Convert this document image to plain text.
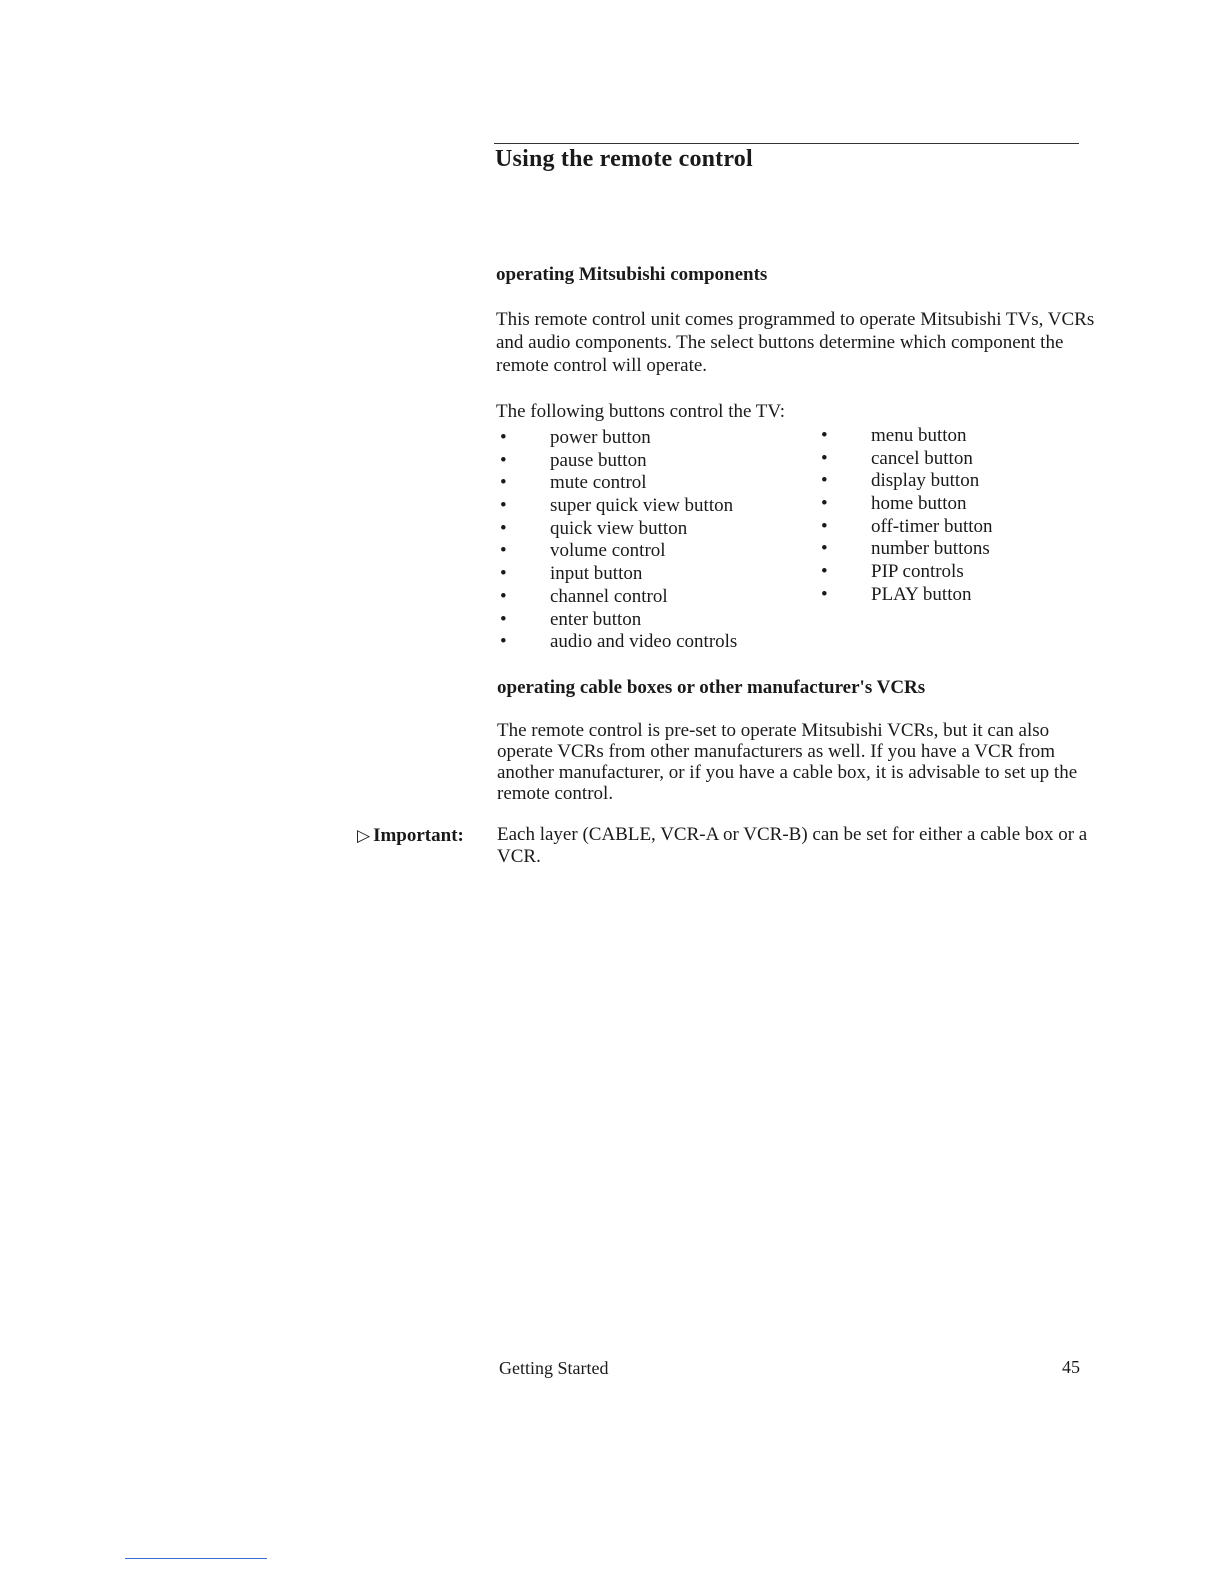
Using the remote control
operating Mitsubishi components

This remote control unit comes programmed to operate Mitsubishi TVs, VCRs and audio components. The select buttons determine which component the remote control will operate.

The following buttons control the TV:

• power button
• pause button
• mute control
• super quick view button
• quick view button
• volume control
• input button
• channel control
• enter button
• audio and video controls
• menu button
• cancel button
• display button
• home button
• off-timer button
• number buttons
• PIP controls
• PLAY button
operating cable boxes or other manufacturer's VCRs

The remote control is pre-set to operate Mitsubishi VCRs, but it can also operate VCRs from other manufacturers as well. If you have a VCR from another manufacturer, or if you have a cable box, it is advisable to set up the remote control.

▷ Important: Each layer (CABLE, VCR-A or VCR-B) can be set for either a cable box or a VCR.

Getting Started	45
